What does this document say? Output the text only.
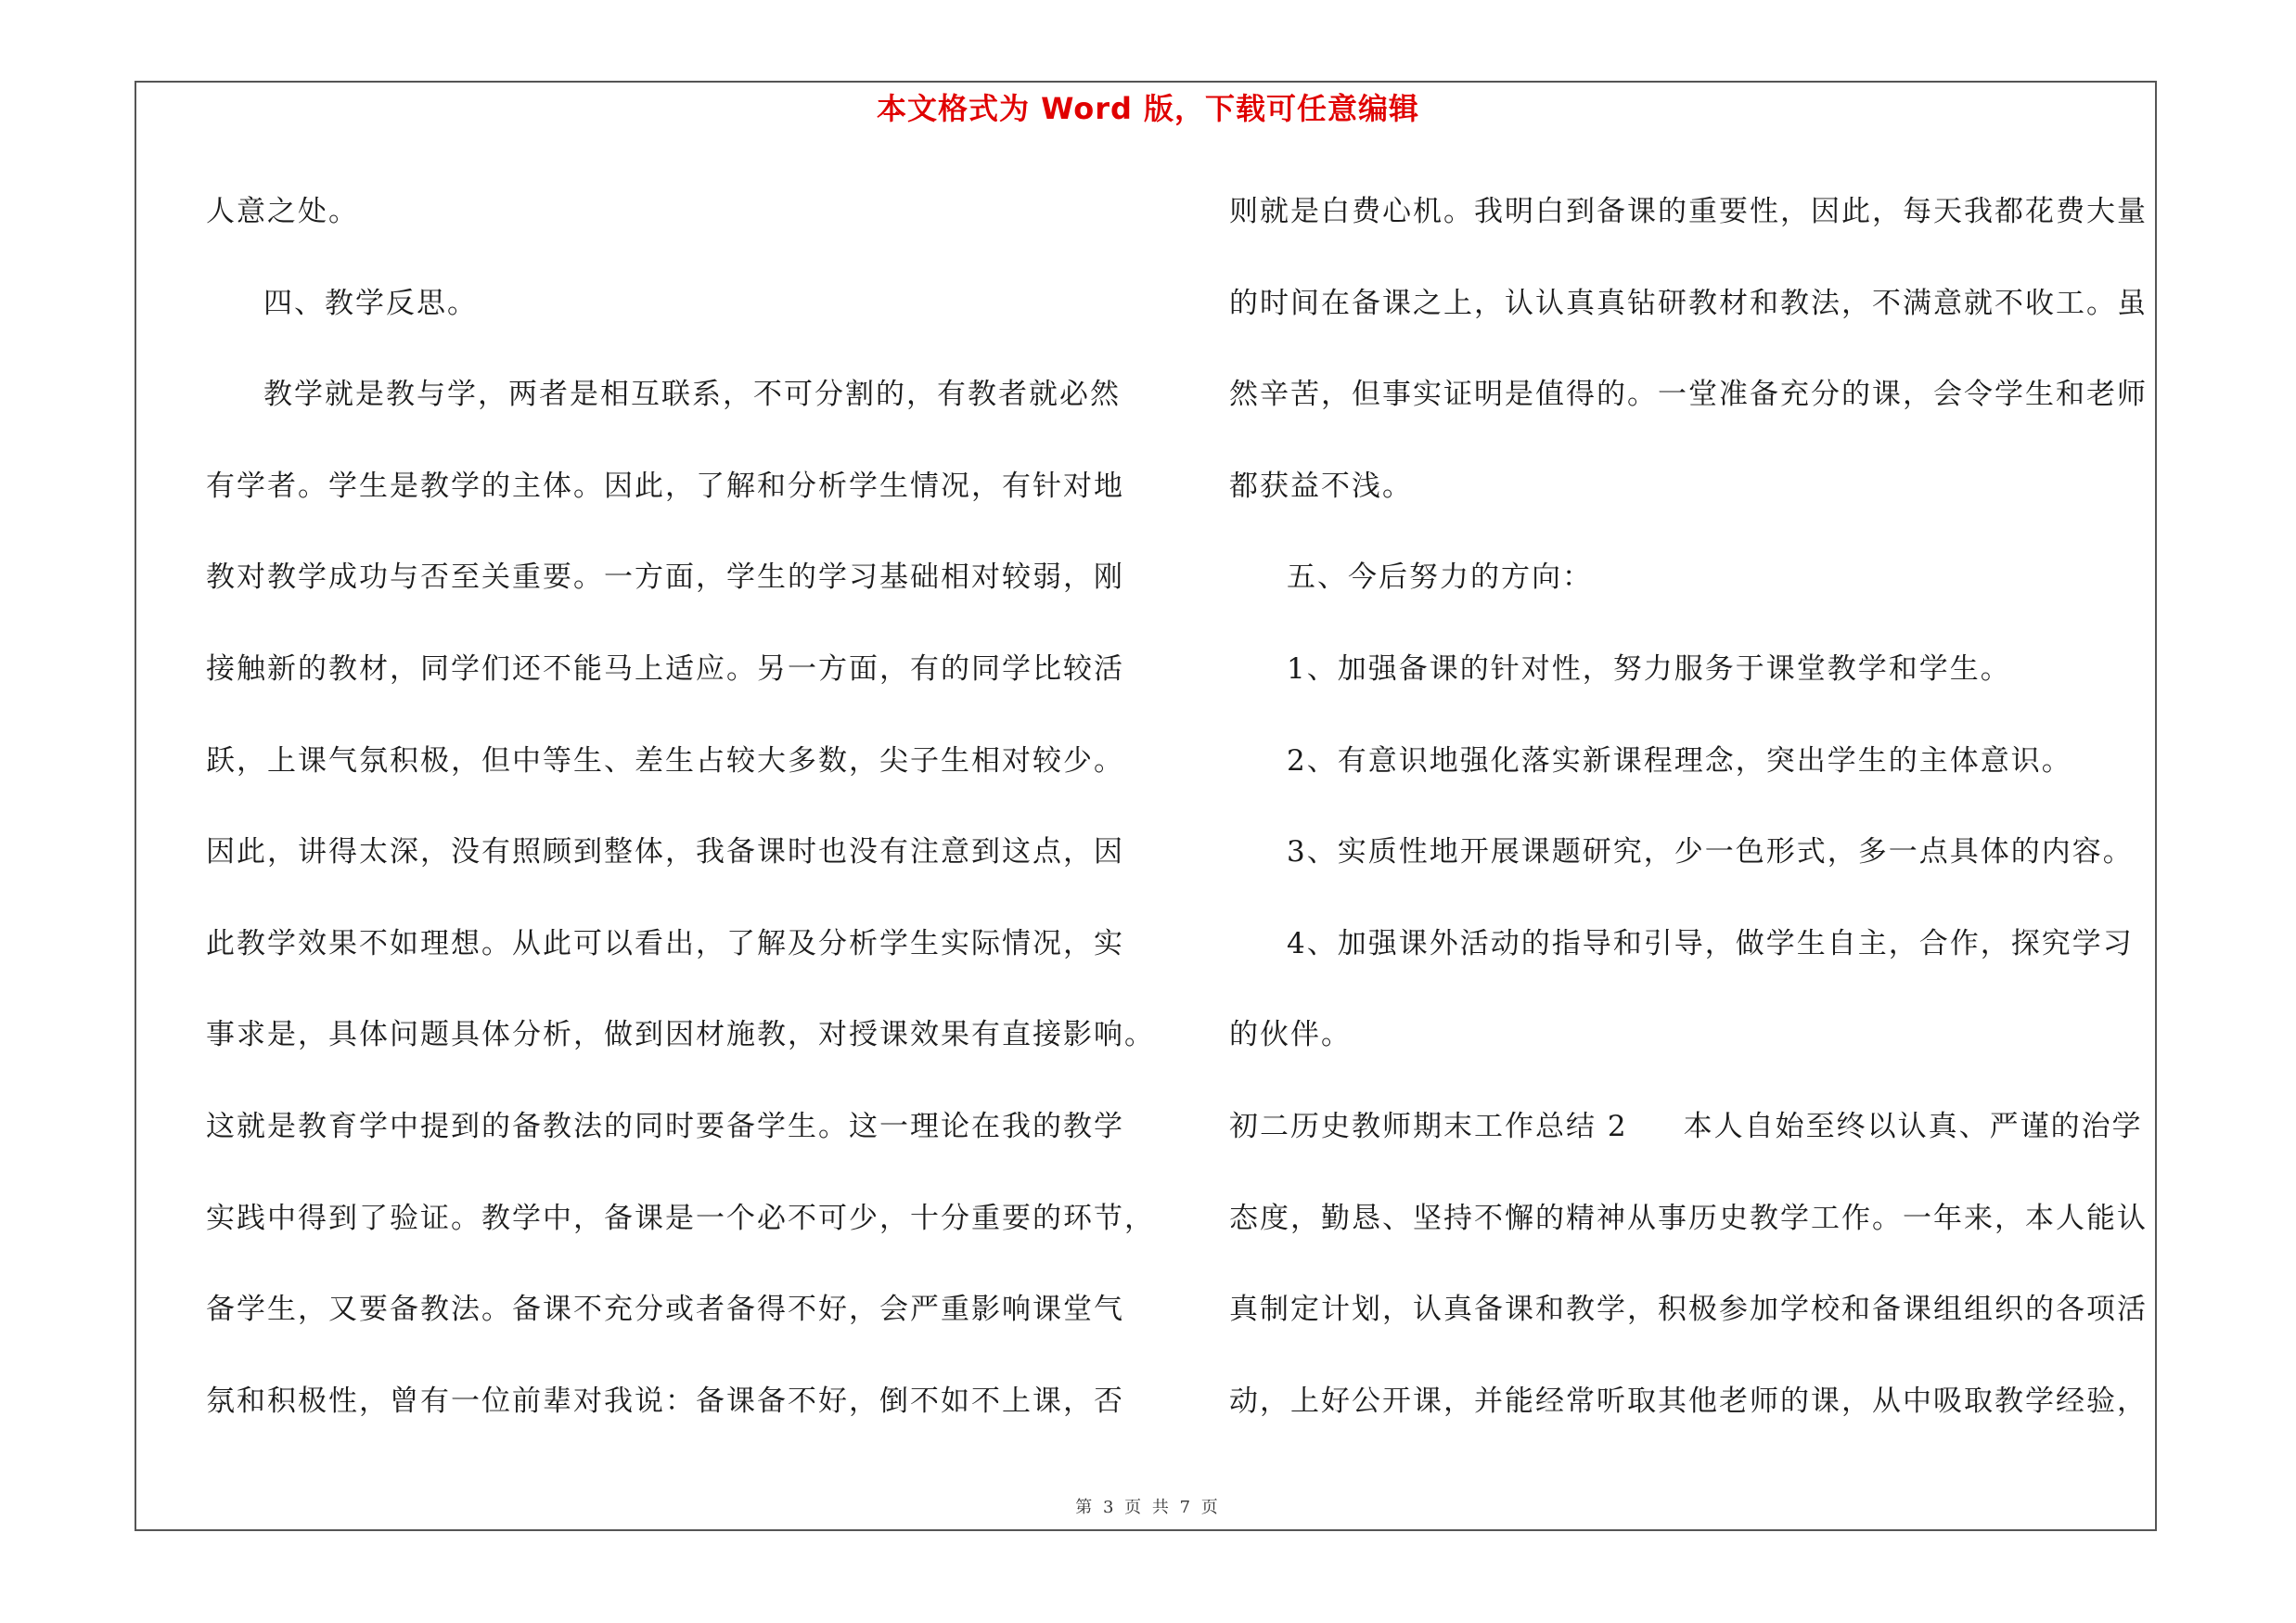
本文格式为 Word 版，下载可任意编辑
人意之处。
四、教学反思。
教学就是教与学，两者是相互联系，不可分割的，有教者就必然
有学者。学生是教学的主体。因此，了解和分析学生情况，有针对地
教对教学成功与否至关重要。一方面，学生的学习基础相对较弱，刚
接触新的教材，同学们还不能马上适应。另一方面，有的同学比较活
跃，上课气氛积极，但中等生、差生占较大多数，尖子生相对较少。
因此，讲得太深，没有照顾到整体，我备课时也没有注意到这点，因
此教学效果不如理想。从此可以看出，了解及分析学生实际情况，实
事求是，具体问题具体分析，做到因材施教，对授课效果有直接影响。
这就是教育学中提到的备教法的同时要备学生。这一理论在我的教学
实践中得到了验证。教学中，备课是一个必不可少，十分重要的环节，
备学生，又要备教法。备课不充分或者备得不好，会严重影响课堂气
氛和积极性，曾有一位前辈对我说：备课备不好，倒不如不上课，否
则就是白费心机。我明白到备课的重要性，因此，每天我都花费大量
的时间在备课之上，认认真真钻研教材和教法，不满意就不收工。虽
然辛苦，但事实证明是值得的。一堂准备充分的课，会令学生和老师
都获益不浅。
五、今后努力的方向：
1、加强备课的针对性，努力服务于课堂教学和学生。
2、有意识地强化落实新课程理念，突出学生的主体意识。
3、实质性地开展课题研究，少一色形式，多一点具体的内容。
4、加强课外活动的指导和引导，做学生自主，合作，探究学习
的伙伴。
初二历史教师期末工作总结 2 本人自始至终以认真、严谨的治学
态度，勤恳、坚持不懈的精神从事历史教学工作。一年来，本人能认
真制定计划，认真备课和教学，积极参加学校和备课组组织的各项活
动，上好公开课，并能经常听取其他老师的课，从中吸取教学经验，
第 3 页 共 7 页
